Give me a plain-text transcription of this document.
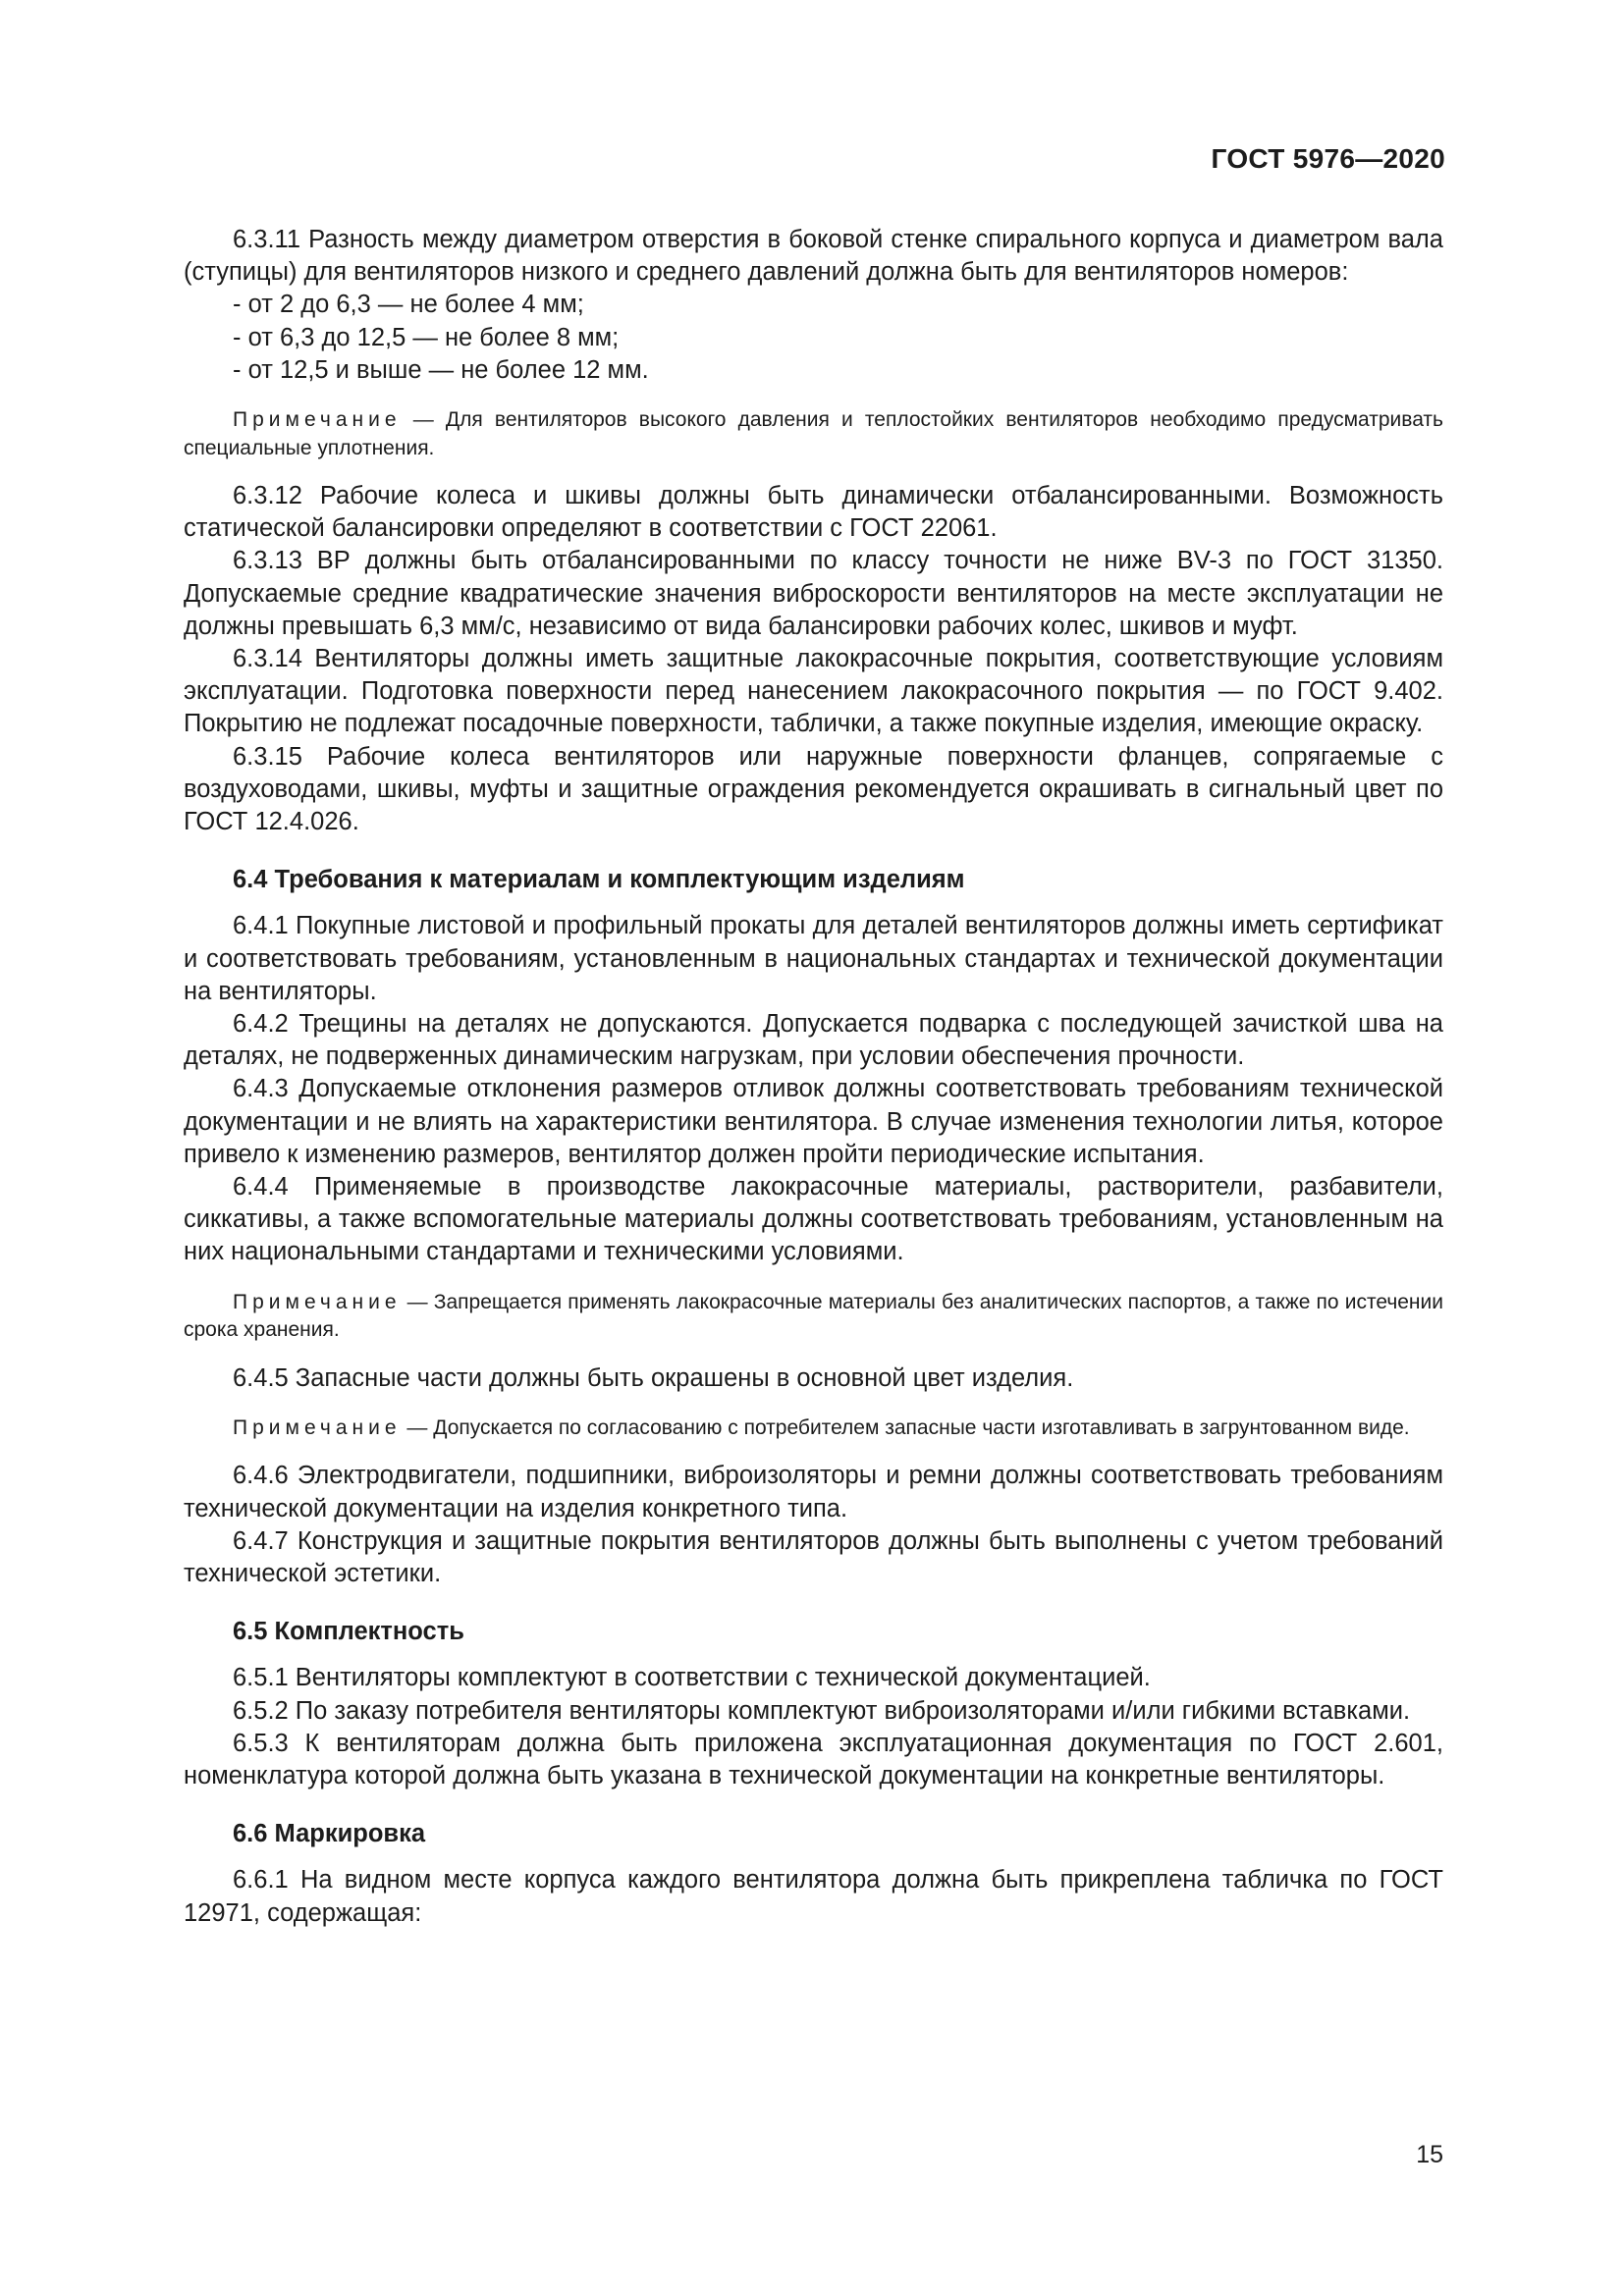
ГОСТ 5976—2020

6.3.11 Разность между диаметром отверстия в боковой стенке спирального корпуса и диаметром вала (ступицы) для вентиляторов низкого и среднего давлений должна быть для вентиляторов номеров:

- от 2 до 6,3 — не более 4 мм;

- от 6,3 до 12,5 — не более 8 мм;

- от 12,5 и выше — не более 12 мм.

Примечание — Для вентиляторов высокого давления и теплостойких вентиляторов необходимо предусматривать специальные уплотнения.

6.3.12 Рабочие колеса и шкивы должны быть динамически отбалансированными. Возможность статической балансировки определяют в соответствии с ГОСТ 22061.

6.3.13 ВР должны быть отбалансированными по классу точности не ниже BV-3 по ГОСТ 31350. Допускаемые средние квадратические значения виброскорости вентиляторов на месте эксплуатации не должны превышать 6,3 мм/с, независимо от вида балансировки рабочих колес, шкивов и муфт.

6.3.14 Вентиляторы должны иметь защитные лакокрасочные покрытия, соответствующие условиям эксплуатации. Подготовка поверхности перед нанесением лакокрасочного покрытия — по ГОСТ 9.402. Покрытию не подлежат посадочные поверхности, таблички, а также покупные изделия, имеющие окраску.

6.3.15 Рабочие колеса вентиляторов или наружные поверхности фланцев, сопрягаемые с воздуховодами, шкивы, муфты и защитные ограждения рекомендуется окрашивать в сигнальный цвет по ГОСТ 12.4.026.

6.4 Требования к материалам и комплектующим изделиям

6.4.1 Покупные листовой и профильный прокаты для деталей вентиляторов должны иметь сертификат и соответствовать требованиям, установленным в национальных стандартах и технической документации на вентиляторы.

6.4.2 Трещины на деталях не допускаются. Допускается подварка с последующей зачисткой шва на деталях, не подверженных динамическим нагрузкам, при условии обеспечения прочности.

6.4.3 Допускаемые отклонения размеров отливок должны соответствовать требованиям технической документации и не влиять на характеристики вентилятора. В случае изменения технологии литья, которое привело к изменению размеров, вентилятор должен пройти периодические испытания.

6.4.4 Применяемые в производстве лакокрасочные материалы, растворители, разбавители, сиккативы, а также вспомогательные материалы должны соответствовать требованиям, установленным на них национальными стандартами и техническими условиями.

Примечание — Запрещается применять лакокрасочные материалы без аналитических паспортов, а также по истечении срока хранения.

6.4.5 Запасные части должны быть окрашены в основной цвет изделия.

Примечание — Допускается по согласованию с потребителем запасные части изготавливать в загрунтованном виде.

6.4.6 Электродвигатели, подшипники, виброизоляторы и ремни должны соответствовать требованиям технической документации на изделия конкретного типа.

6.4.7 Конструкция и защитные покрытия вентиляторов должны быть выполнены с учетом требований технической эстетики.

6.5 Комплектность

6.5.1 Вентиляторы комплектуют в соответствии с технической документацией.

6.5.2 По заказу потребителя вентиляторы комплектуют виброизоляторами и/или гибкими вставками.

6.5.3 К вентиляторам должна быть приложена эксплуатационная документация по ГОСТ 2.601, номенклатура которой должна быть указана в технической документации на конкретные вентиляторы.

6.6 Маркировка

6.6.1 На видном месте корпуса каждого вентилятора должна быть прикреплена табличка по ГОСТ 12971, содержащая:

15
